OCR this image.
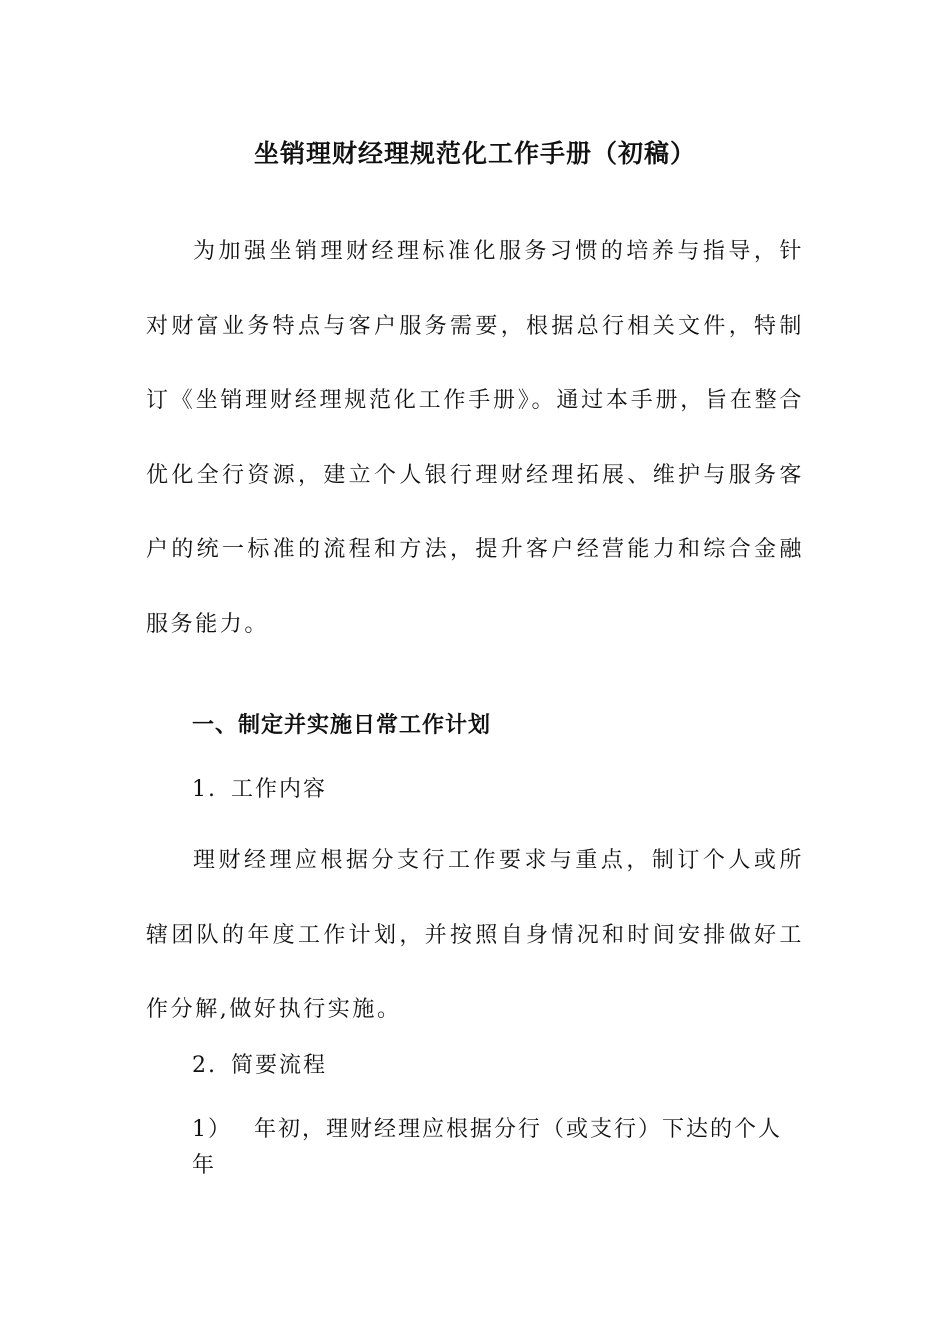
坐销理财经理规范化工作手册（初稿）
为加强坐销理财经理标准化服务习惯的培养与指导，针对财富业务特点与客户服务需要，根据总行相关文件，特制订《坐销理财经理规范化工作手册》。通过本手册，旨在整合优化全行资源，建立个人银行理财经理拓展、维护与服务客户的统一标准的流程和方法，提升客户经营能力和综合金融服务能力。
一、制定并实施日常工作计划
1. 工作内容
理财经理应根据分支行工作要求与重点，制订个人或所辖团队的年度工作计划，并按照自身情况和时间安排做好工作分解,做好执行实施。
2. 简要流程
1） 年初，理财经理应根据分行（或支行）下达的个人年
